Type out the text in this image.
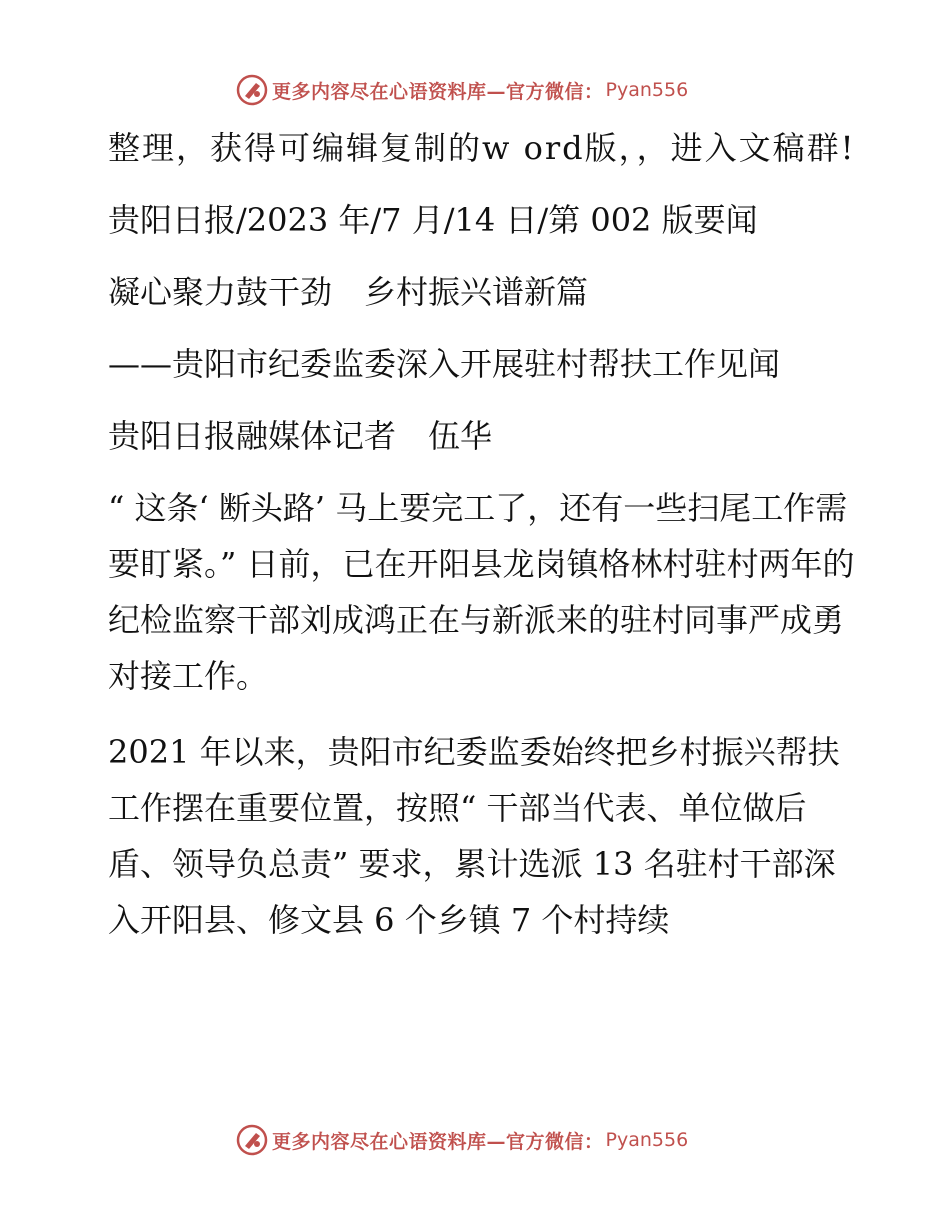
更多内容尽在心语资料库—官方微信： Pyan556

整理，获得可编辑复制的w ord版，，进入文稿群!

贵阳日报/2023 年/7 月/14 日/第 002 版要闻

凝心聚力鼓干劲　乡村振兴谱新篇

——贵阳市纪委监委深入开展驻村帮扶工作见闻

贵阳日报融媒体记者　伍华

“ 这条‘ 断头路’ 马上要完工了，还有一些扫尾工作需要盯紧。” 日前，已在开阳县龙岗镇格林村驻村两年的纪检监察干部刘成鸿正在与新派来的驻村同事严成勇对接工作。

2021 年以来，贵阳市纪委监委始终把乡村振兴帮扶工作摆在重要位置，按照“ 干部当代表、单位做后盾、领导负总责” 要求，累计选派 13 名驻村干部深入开阳县、修文县 6 个乡镇 7 个村持续

更多内容尽在心语资料库—官方微信： Pyan556
